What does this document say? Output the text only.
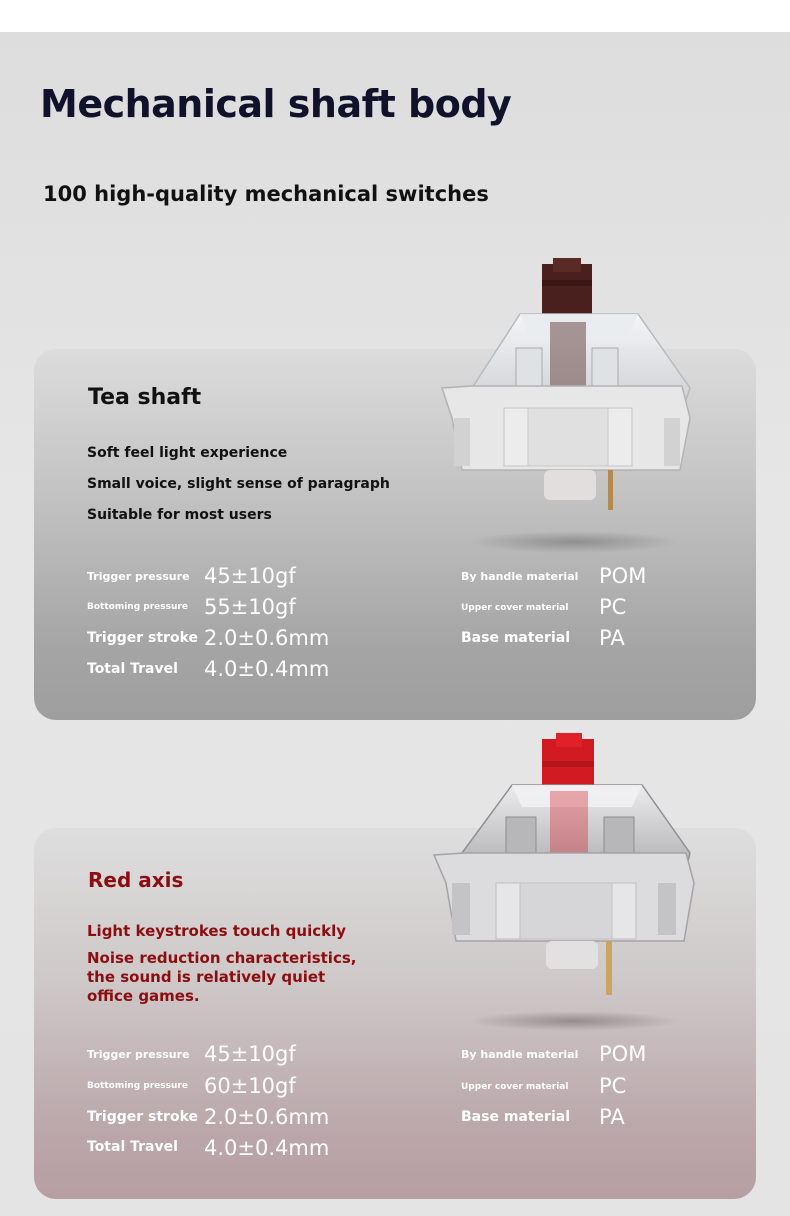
Mechanical shaft body
100 high-quality mechanical switches
Tea shaft
Soft feel light experience
Small voice, slight sense of paragraph
Suitable for most users
Trigger pressure 45±10gf
Bottoming pressure 55±10gf
Trigger stroke 2.0±0.6mm
Total Travel 4.0±0.4mm
By handle material POM
Upper cover material PC
Base material PA
Red axis
Light keystrokes touch quickly
Noise reduction characteristics,
the sound is relatively quiet
office games.
Trigger pressure 45±10gf
Bottoming pressure 60±10gf
Trigger stroke 2.0±0.6mm
Total Travel 4.0±0.4mm
By handle material POM
Upper cover material PC
Base material PA
